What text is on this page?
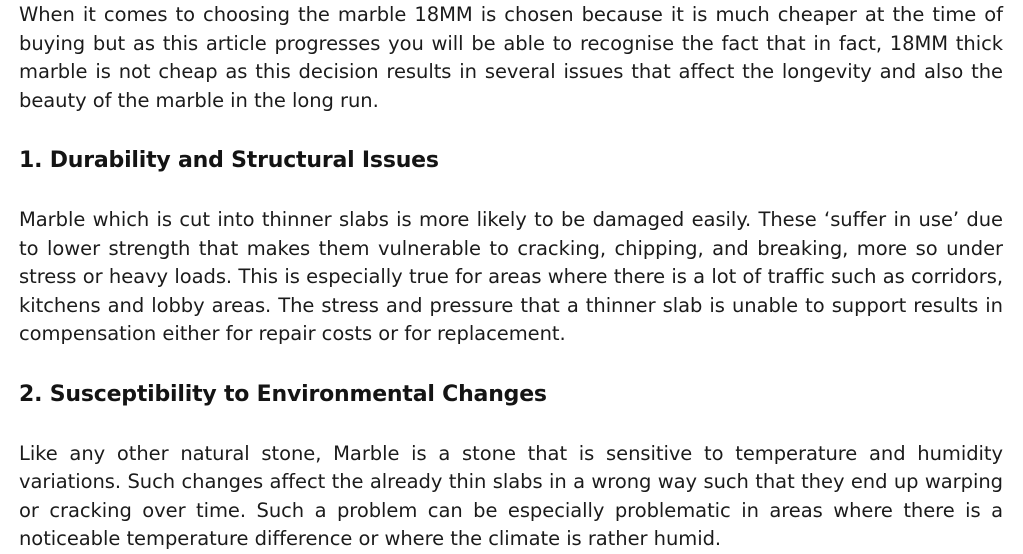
When it comes to choosing the marble 18MM is chosen because it is much cheaper at the time of buying but as this article progresses you will be able to recognise the fact that in fact, 18MM thick marble is not cheap as this decision results in several issues that affect the longevity and also the beauty of the marble in the long run.

1. Durability and Structural Issues

Marble which is cut into thinner slabs is more likely to be damaged easily. These ‘suffer in use’ due to lower strength that makes them vulnerable to cracking, chipping, and breaking, more so under stress or heavy loads. This is especially true for areas where there is a lot of traffic such as corridors, kitchens and lobby areas. The stress and pressure that a thinner slab is unable to support results in compensation either for repair costs or for replacement.

2. Susceptibility to Environmental Changes

Like any other natural stone, Marble is a stone that is sensitive to temperature and humidity variations. Such changes affect the already thin slabs in a wrong way such that they end up warping or cracking over time. Such a problem can be especially problematic in areas where there is a noticeable temperature difference or where the climate is rather humid.
